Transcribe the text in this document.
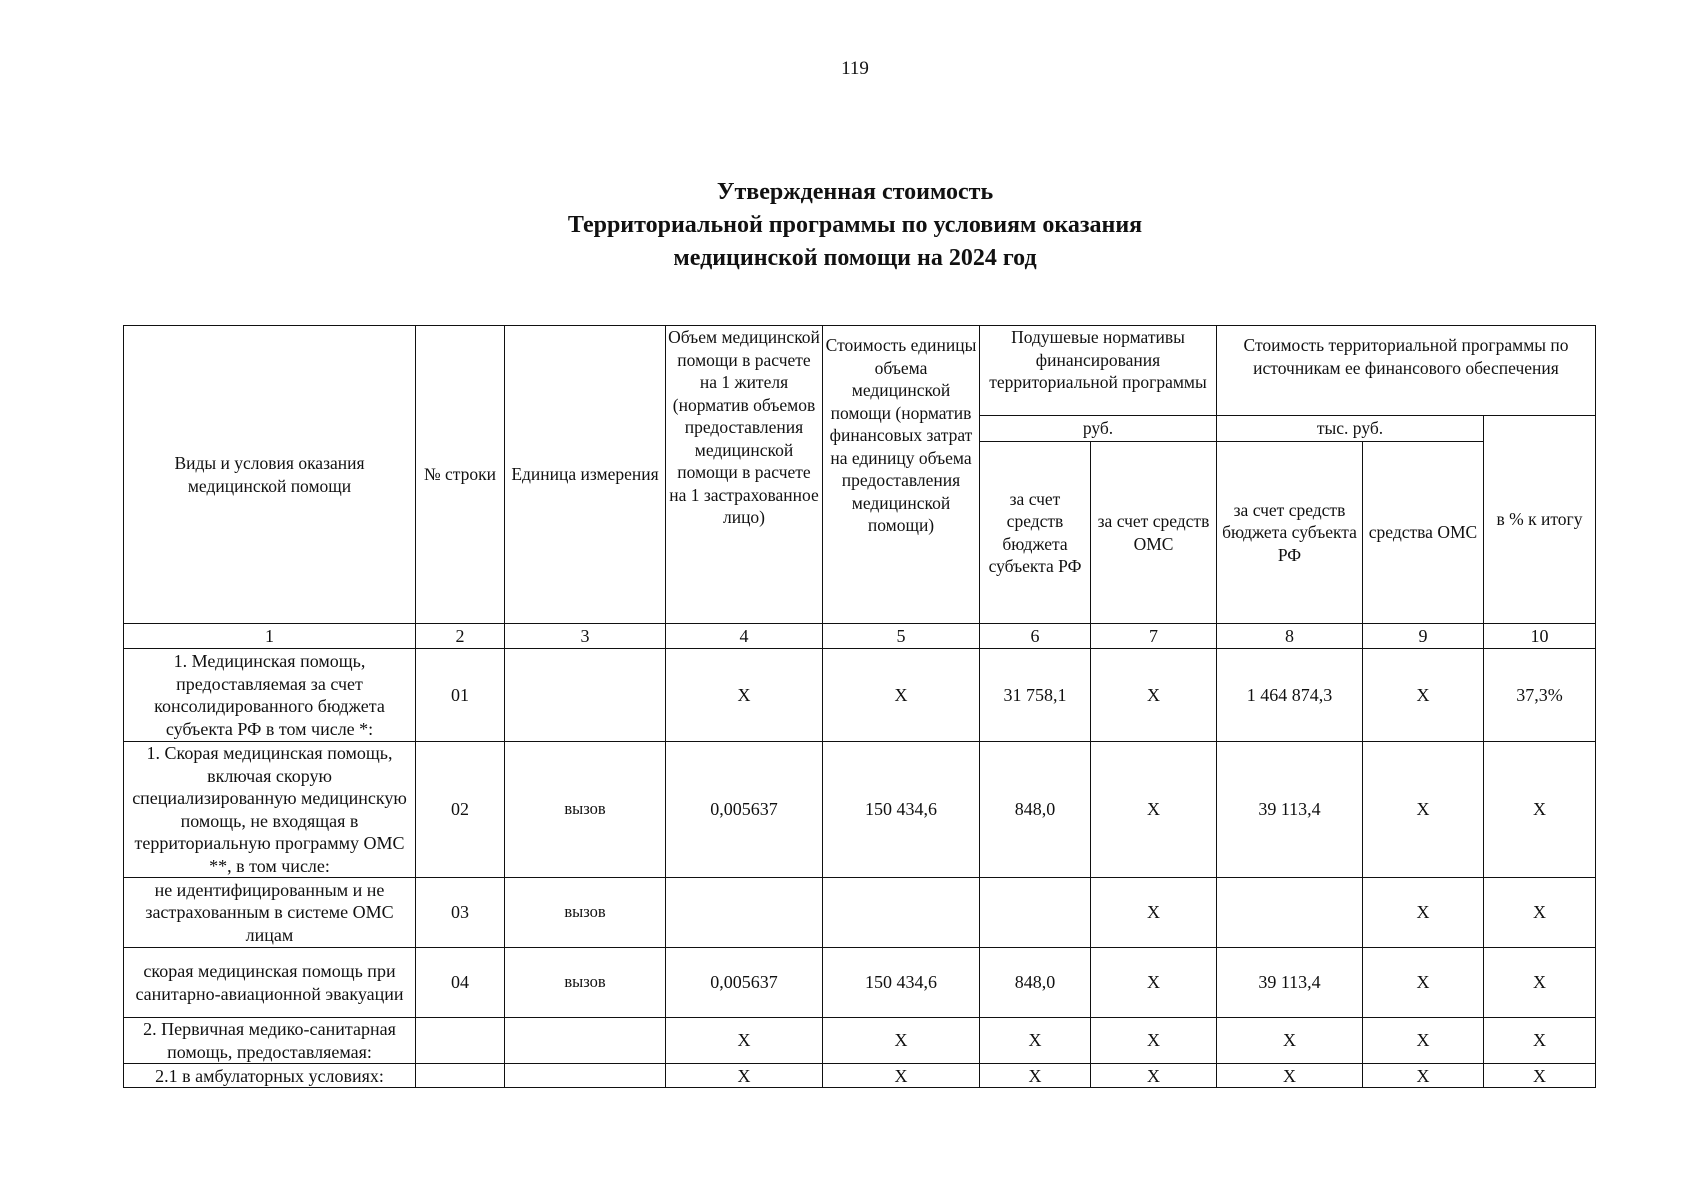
119
Утвержденная стоимость
Территориальной программы по условиям оказания
медицинской помощи на 2024 год
Виды и условия оказания медицинской помощи	№ строки	Единица измерения	Объем медицинской помощи в расчете на 1 жителя (норматив объемов предоставления медицинской помощи в расчете на 1 застрахованное лицо)	Стоимость единицы объема медицинской помощи (норматив финансовых затрат на единицу объема предоставления медицинской помощи)	Подушевые нормативы финансирования территориальной программы		Стоимость территориальной программы по источникам ее финансового обеспечения		
					руб.		тыс. руб.		в % к итогу
					за счет средств бюджета субъекта РФ	за счет средств ОМС	за счет средств бюджета субъекта РФ	средства ОМС	
1	2	3	4	5	6	7	8	9	10
1. Медицинская помощь, предоставляемая за счет консолидированного бюджета субъекта РФ в том числе *:	01		Х	Х	31 758,1	Х	1 464 874,3	Х	37,3%
1. Скорая медицинская помощь, включая скорую специализированную медицинскую помощь, не входящая в территориальную программу ОМС **, в том числе:	02	вызов	0,005637	150 434,6	848,0	Х	39 113,4	Х	Х
не идентифицированным и не застрахованным в системе ОМС лицам	03	вызов				Х		Х	Х
скорая медицинская помощь при санитарно-авиационной эвакуации	04	вызов	0,005637	150 434,6	848,0	Х	39 113,4	Х	Х
2. Первичная медико-санитарная помощь, предоставляемая:			Х	Х	Х	Х	Х	Х	Х
2.1 в амбулаторных условиях:			Х	Х	Х	Х	Х	Х	Х
